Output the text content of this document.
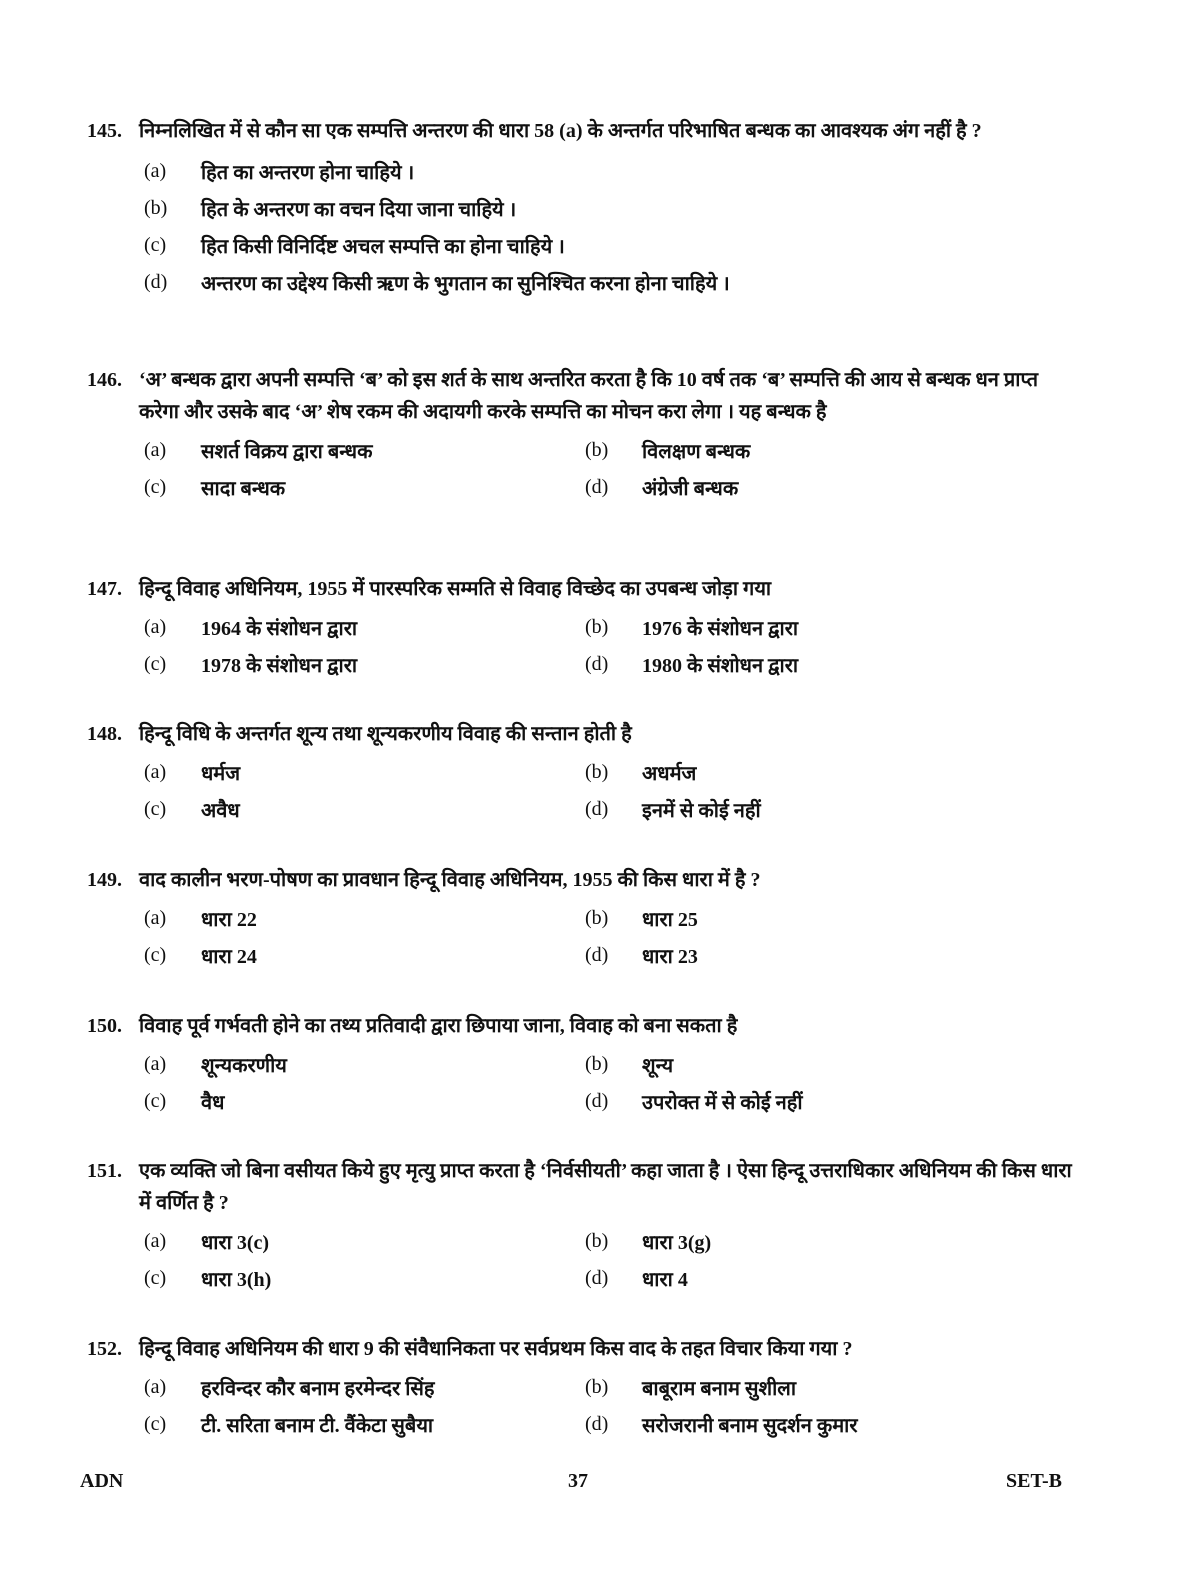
145. निम्नलिखित में से कौन सा एक सम्पत्ति अन्तरण की धारा 58 (a) के अन्तर्गत परिभाषित बन्धक का आवश्यक अंग नहीं है ?
(a)	हित का अन्तरण होना चाहिये ।
(b)	हित के अन्तरण का वचन दिया जाना चाहिये ।
(c)	हित किसी विनिर्दिष्ट अचल सम्पत्ति का होना चाहिये ।
(d)	अन्तरण का उद्देश्य किसी ऋण के भुगतान का सुनिश्चित करना होना चाहिये ।
146. ‘अ’ बन्धक द्वारा अपनी सम्पत्ति ‘ब’ को इस शर्त के साथ अन्तरित करता है कि 10 वर्ष तक ‘ब’ सम्पत्ति की आय से बन्धक धन प्राप्त करेगा और उसके बाद ‘अ’ शेष रकम की अदायगी करके सम्पत्ति का मोचन करा लेगा । यह बन्धक है
(a)	सशर्त विक्रय द्वारा बन्धक	(b)	विलक्षण बन्धक
(c)	सादा बन्धक	(d)	अंग्रेजी बन्धक
147. हिन्दू विवाह अधिनियम, 1955 में पारस्परिक सम्मति से विवाह विच्छेद का उपबन्ध जोड़ा गया
(a)	1964 के संशोधन द्वारा	(b)	1976 के संशोधन द्वारा
(c)	1978 के संशोधन द्वारा	(d)	1980 के संशोधन द्वारा
148. हिन्दू विधि के अन्तर्गत शून्य तथा शून्यकरणीय विवाह की सन्तान होती है
(a)	धर्मज	(b)	अधर्मज
(c)	अवैध	(d)	इनमें से कोई नहीं
149. वाद कालीन भरण-पोषण का प्रावधान हिन्दू विवाह अधिनियम, 1955 की किस धारा में है ?
(a)	धारा 22	(b)	धारा 25
(c)	धारा 24	(d)	धारा 23
150. विवाह पूर्व गर्भवती होने का तथ्य प्रतिवादी द्वारा छिपाया जाना, विवाह को बना सकता है
(a)	शून्यकरणीय	(b)	शून्य
(c)	वैध	(d)	उपरोक्त में से कोई नहीं
151. एक व्यक्ति जो बिना वसीयत किये हुए मृत्यु प्राप्त करता है ‘निर्वसीयती’ कहा जाता है । ऐसा हिन्दू उत्तराधिकार अधिनियम की किस धारा में वर्णित है ?
(a)	धारा 3(c)	(b)	धारा 3(g)
(c)	धारा 3(h)	(d)	धारा 4
152. हिन्दू विवाह अधिनियम की धारा 9 की संवैधानिकता पर सर्वप्रथम किस वाद के तहत विचार किया गया ?
(a)	हरविन्दर कौर बनाम हरमेन्दर सिंह	(b)	बाबूराम बनाम सुशीला
(c)	टी. सरिता बनाम टी. वैंकेटा सुबैया	(d)	सरोजरानी बनाम सुदर्शन कुमार
ADN	37	SET-B
